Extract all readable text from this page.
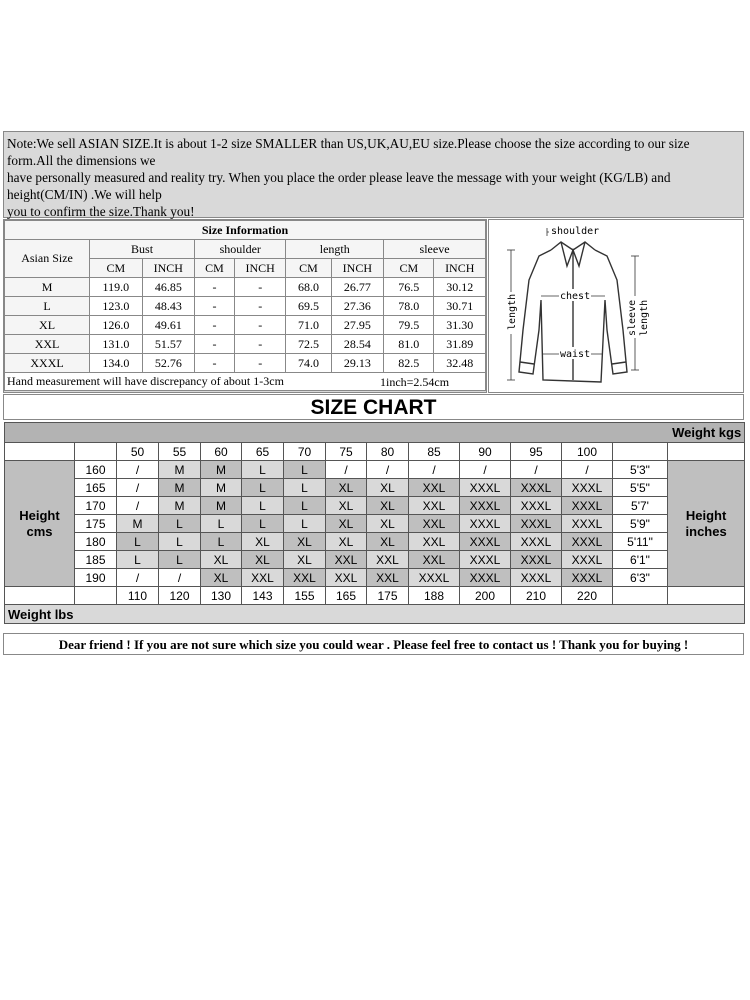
Note:We sell ASIAN SIZE.It is about 1-2 size SMALLER than US,UK,AU,EU size.Please choose the size according to our size
form.All the dimensions we
have personally measured and reality try. When you place the order please leave the message with your weight (KG/LB) and
height(CM/IN) .We will help
you to confirm the size.Thank you!
Size Information								
Asian Size	Bust		shoulder		length		sleeve	
	CM	INCH	CM	INCH	CM	INCH	CM	INCH
M	119.0	46.85	-	-	68.0	26.77	76.5	30.12
L	123.0	48.43	-	-	69.5	27.36	78.0	30.71
XL	126.0	49.61	-	-	71.0	27.95	79.5	31.30
XXL	131.0	51.57	-	-	72.5	28.54	81.0	31.89
XXXL	134.0	52.76	-	-	74.0	29.13	82.5	32.48
Hand measurement will have discrepancy of about 1-3cm 1inch=2.54cm								
shoulder
chest
waist
length	sleeve length
SIZE CHART
Weight kgs														
		50	55	60	65	70	75	80	85	90	95	100		
Height cms	160	/	M	M	L	L	/	/	/	/	/	/	5'3"	Height inches
	165	/	M	M	L	L	XL	XL	XXL	XXXL	XXXL	XXXL	5'5"	
	170	/	M	M	L	L	XL	XL	XXL	XXXL	XXXL	XXXL	5'7'	
	175	M	L	L	L	L	XL	XL	XXL	XXXL	XXXL	XXXL	5'9"	
	180	L	L	L	XL	XL	XL	XL	XXL	XXXL	XXXL	XXXL	5'11"	
	185	L	L	XL	XL	XL	XXL	XXL	XXL	XXXL	XXXL	XXXL	6'1"	
	190	/	/	XL	XXL	XXL	XXL	XXL	XXXL	XXXL	XXXL	XXXL	6'3"	
		110	120	130	143	155	165	175	188	200	210	220		
Weight lbs														
Dear friend ! If you are not sure which size you could wear . Please feel free to contact us ! Thank you for buying !
